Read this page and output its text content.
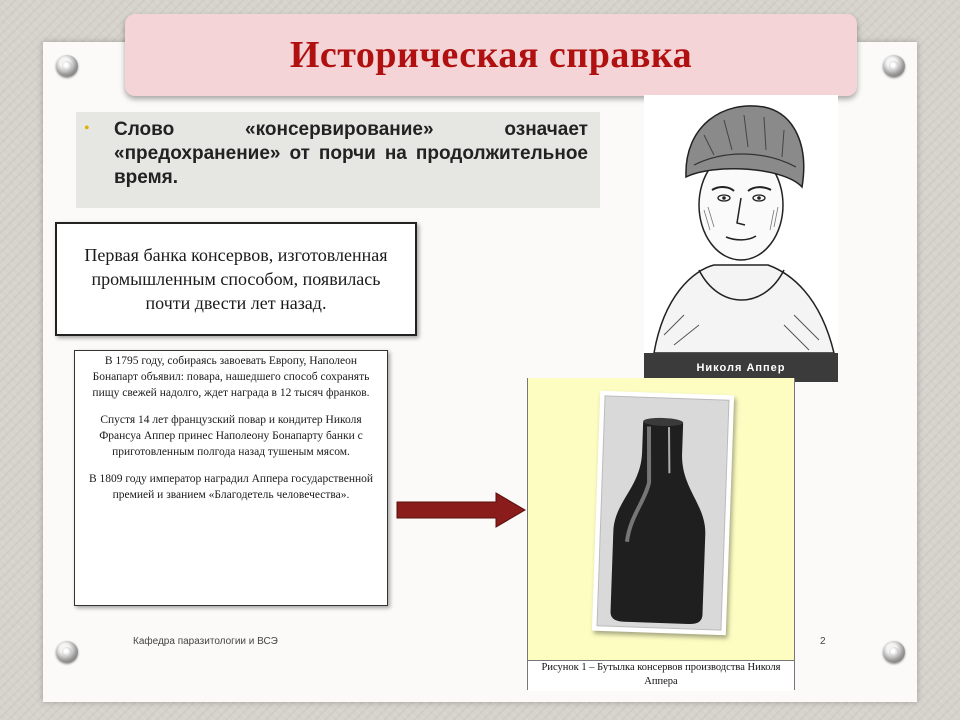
Историческая справка
• Слово «консервирование» означает «предохранение» от порчи на продолжительное время.
Первая банка консервов, изготовленная промышленным способом, появилась почти двести лет назад.

В 1795 году, собираясь завоевать Европу, Наполеон Бонапарт объявил: повара, нашедшего способ сохранять пищу свежей надолго, ждет награда в 12 тысяч франков.

Спустя 14 лет французский повар и кондитер Николя Франсуа Аппер принес Наполеону Бонапарту банки с приготовленным полгода назад тушеным мясом.

В 1809 году император наградил Аппера государственной премией и званием «Благодетель человечества».

Николя Аппер
Рисунок 1 – Бутылка консервов производства Николя Аппера
Кафедра паразитологии и ВСЭ	2
